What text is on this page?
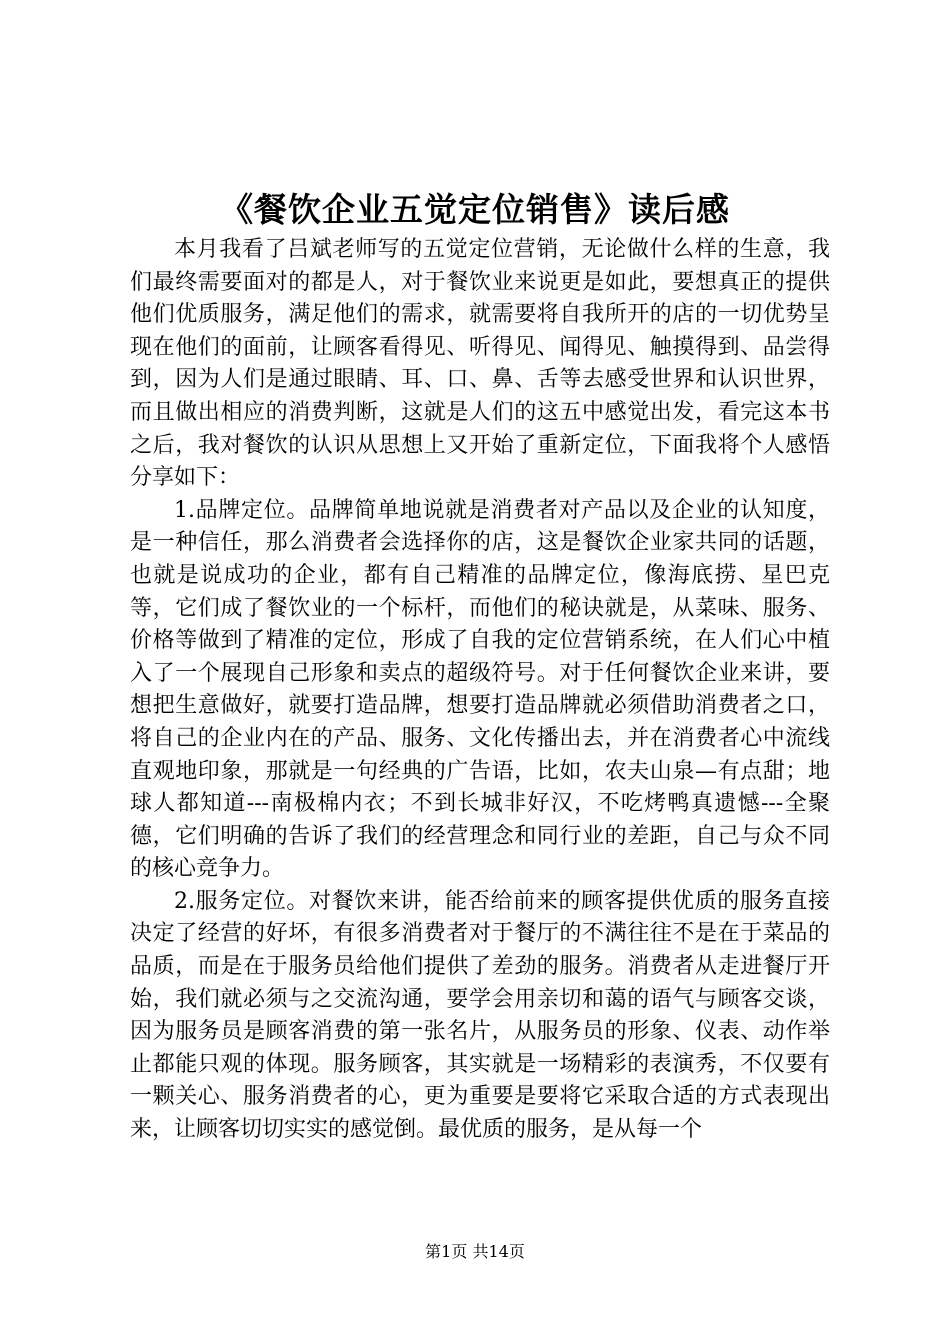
《餐饮企业五觉定位销售》读后感

本月我看了吕斌老师写的五觉定位营销，无论做什么样的生意，我们最终需要面对的都是人，对于餐饮业来说更是如此，要想真正的提供他们优质服务，满足他们的需求，就需要将自我所开的店的一切优势呈现在他们的面前，让顾客看得见、听得见、闻得见、触摸得到、品尝得到，因为人们是通过眼睛、耳、口、鼻、舌等去感受世界和认识世界，而且做出相应的消费判断，这就是人们的这五中感觉出发，看完这本书之后，我对餐饮的认识从思想上又开始了重新定位，下面我将个人感悟分享如下：

1.品牌定位。品牌简单地说就是消费者对产品以及企业的认知度，是一种信任，那么消费者会选择你的店，这是餐饮企业家共同的话题，也就是说成功的企业，都有自己精准的品牌定位，像海底捞、星巴克等，它们成了餐饮业的一个标杆，而他们的秘诀就是，从菜味、服务、价格等做到了精准的定位，形成了自我的定位营销系统，在人们心中植入了一个展现自己形象和卖点的超级符号。对于任何餐饮企业来讲，要想把生意做好，就要打造品牌，想要打造品牌就必须借助消费者之口，将自己的企业内在的产品、服务、文化传播出去，并在消费者心中流线直观地印象，那就是一句经典的广告语，比如，农夫山泉—有点甜；地球人都知道---南极棉内衣；不到长城非好汉，不吃烤鸭真遗憾---全聚德，它们明确的告诉了我们的经营理念和同行业的差距，自己与众不同的核心竞争力。

2.服务定位。对餐饮来讲，能否给前来的顾客提供优质的服务直接决定了经营的好坏，有很多消费者对于餐厅的不满往往不是在于菜品的品质，而是在于服务员给他们提供了差劲的服务。消费者从走进餐厅开始，我们就必须与之交流沟通，要学会用亲切和蔼的语气与顾客交谈，因为服务员是顾客消费的第一张名片，从服务员的形象、仪表、动作举止都能只观的体现。服务顾客，其实就是一场精彩的表演秀，不仅要有一颗关心、服务消费者的心，更为重要是要将它采取合适的方式表现出来，让顾客切切实实的感觉倒。最优质的服务，是从每一个

第1页 共14页
